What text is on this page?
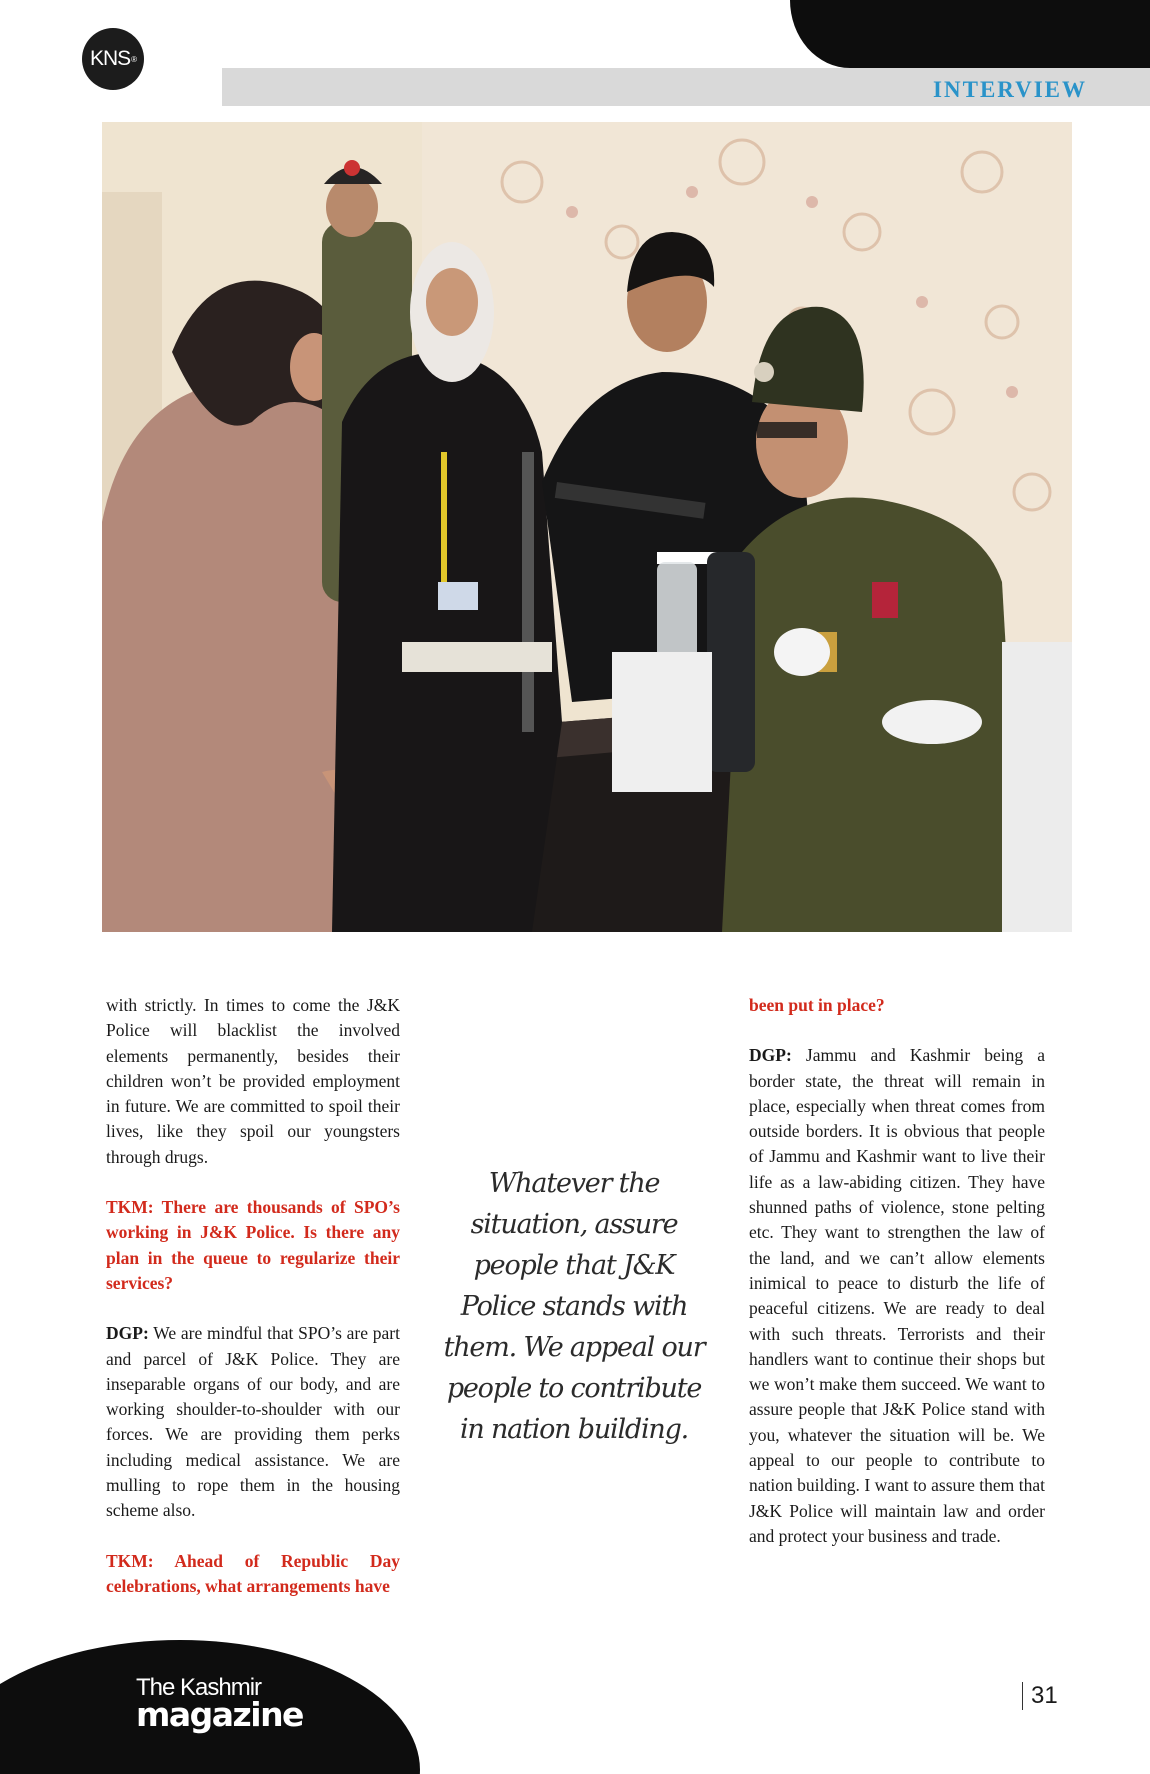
KNS ®
INTERVIEW

with strictly. In times to come the J&K Police will blacklist the involved elements permanently, besides their children won’t be provided employment in future. We are committed to spoil their lives, like they spoil our youngsters through drugs.

TKM: There are thousands of SPO’s working in J&K Police. Is there any plan in the queue to regularize their services?

DGP: We are mindful that SPO’s are part and parcel of J&K Police. They are inseparable organs of our body, and are working shoulder-to-shoulder with our forces. We are providing them perks including medical assistance. We are mulling to rope them in the housing scheme also.

TKM: Ahead of Republic Day celebrations, what arrangements have

Whatever the situation, assure people that J&K Police stands with them. We appeal our people to contribute in nation building.

been put in place?

DGP: Jammu and Kashmir being a border state, the threat will remain in place, especially when threat comes from outside borders. It is obvious that people of Jammu and Kashmir want to live their life as a law-abiding citizen. They have shunned paths of violence, stone pelting etc. They want to strengthen the law of the land, and we can’t allow elements inimical to peace to disturb the life of peaceful citizens. We are ready to deal with such threats. Terrorists and their handlers want to continue their shops but we won’t make them succeed. We want to assure people that J&K Police stand with you, whatever the situation will be. We appeal to our people to contribute to nation building. I want to assure them that J&K Police will maintain law and order and protect your business and trade.

The Kashmir
magazine	31
